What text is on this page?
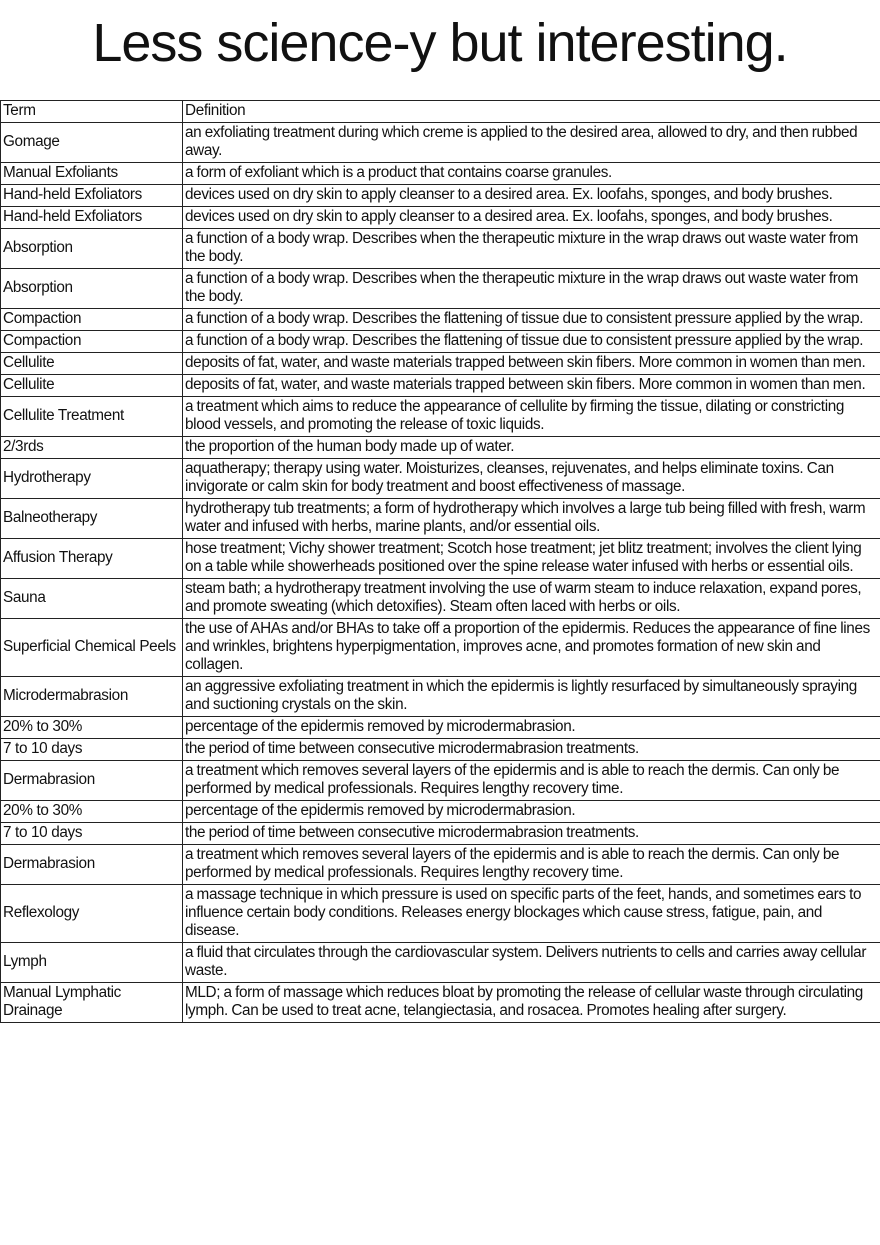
Less science-y but interesting.
Term	Definition
Gomage	an exfoliating treatment during which creme is applied to the desired area, allowed to dry, and then rubbed away.
Manual Exfoliants	a form of exfoliant which is a product that contains coarse granules.
Hand-held Exfoliators	devices used on dry skin to apply cleanser to a desired area. Ex. loofahs, sponges, and body brushes.
Hand-held Exfoliators	devices used on dry skin to apply cleanser to a desired area. Ex. loofahs, sponges, and body brushes.
Absorption	a function of a body wrap. Describes when the therapeutic mixture in the wrap draws out waste water from the body.
Absorption	a function of a body wrap. Describes when the therapeutic mixture in the wrap draws out waste water from the body.
Compaction	a function of a body wrap. Describes the flattening of tissue due to consistent pressure applied by the wrap.
Compaction	a function of a body wrap. Describes the flattening of tissue due to consistent pressure applied by the wrap.
Cellulite	deposits of fat, water, and waste materials trapped between skin fibers. More common in women than men.
Cellulite	deposits of fat, water, and waste materials trapped between skin fibers. More common in women than men.
Cellulite Treatment	a treatment which aims to reduce the appearance of cellulite by firming the tissue, dilating or constricting blood vessels, and promoting the release of toxic liquids.
2/3rds	the proportion of the human body made up of water.
Hydrotherapy	aquatherapy; therapy using water. Moisturizes, cleanses, rejuvenates, and helps eliminate toxins. Can invigorate or calm skin for body treatment and boost effectiveness of massage.
Balneotherapy	hydrotherapy tub treatments; a form of hydrotherapy which involves a large tub being filled with fresh, warm water and infused with herbs, marine plants, and/or essential oils.
Affusion Therapy	hose treatment; Vichy shower treatment; Scotch hose treatment; jet blitz treatment; involves the client lying on a table while showerheads positioned over the spine release water infused with herbs or essential oils.
Sauna	steam bath; a hydrotherapy treatment involving the use of warm steam to induce relaxation, expand pores, and promote sweating (which detoxifies). Steam often laced with herbs or oils.
Superficial Chemical Peels	the use of AHAs and/or BHAs to take off a proportion of the epidermis. Reduces the appearance of fine lines and wrinkles, brightens hyperpigmentation, improves acne, and promotes formation of new skin and collagen.
Microdermabrasion	an aggressive exfoliating treatment in which the epidermis is lightly resurfaced by simultaneously spraying and suctioning crystals on the skin.
20% to 30%	percentage of the epidermis removed by microdermabrasion.
7 to 10 days	the period of time between consecutive microdermabrasion treatments.
Dermabrasion	a treatment which removes several layers of the epidermis and is able to reach the dermis. Can only be performed by medical professionals. Requires lengthy recovery time.
20% to 30%	percentage of the epidermis removed by microdermabrasion.
7 to 10 days	the period of time between consecutive microdermabrasion treatments.
Dermabrasion	a treatment which removes several layers of the epidermis and is able to reach the dermis. Can only be performed by medical professionals. Requires lengthy recovery time.
Reflexology	a massage technique in which pressure is used on specific parts of the feet, hands, and sometimes ears to influence certain body conditions. Releases energy blockages which cause stress, fatigue, pain, and disease.
Lymph	a fluid that circulates through the cardiovascular system. Delivers nutrients to cells and carries away cellular waste.
Manual Lymphatic Drainage	MLD; a form of massage which reduces bloat by promoting the release of cellular waste through circulating lymph. Can be used to treat acne, telangiectasia, and rosacea. Promotes healing after surgery.
